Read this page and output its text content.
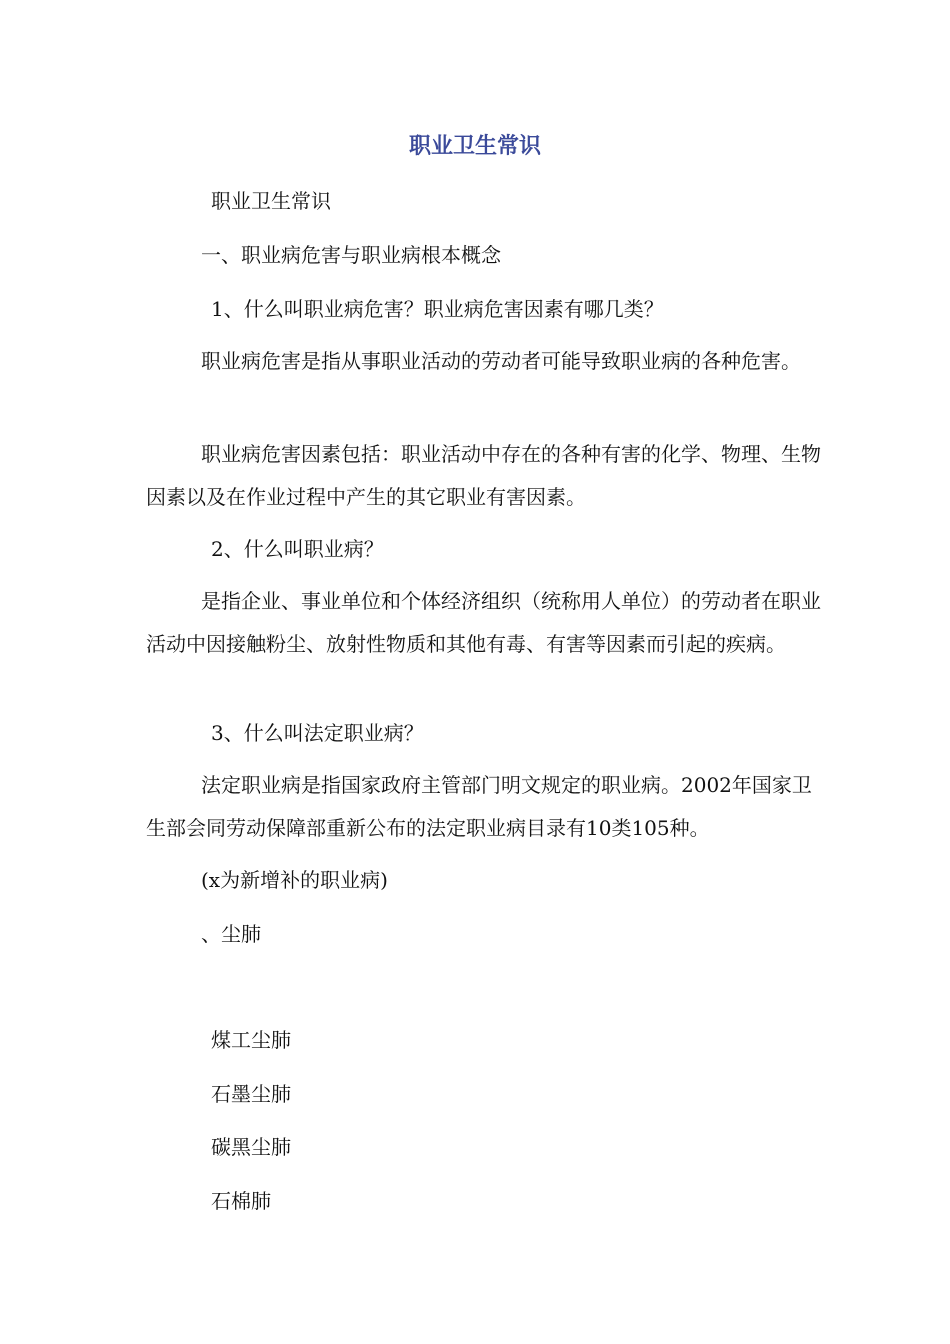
职业卫生常识

职业卫生常识

一、职业病危害与职业病根本概念

1、什么叫职业病危害？职业病危害因素有哪几类？

职业病危害是指从事职业活动的劳动者可能导致职业病的各种危害。

职业病危害因素包括：职业活动中存在的各种有害的化学、物理、生物因素以及在作业过程中产生的其它职业有害因素。

2、什么叫职业病？

是指企业、事业单位和个体经济组织（统称用人单位）的劳动者在职业活动中因接触粉尘、放射性物质和其他有毒、有害等因素而引起的疾病。

3、什么叫法定职业病？

法定职业病是指国家政府主管部门明文规定的职业病。2002年国家卫生部会同劳动保障部重新公布的法定职业病目录有10类105种。

(x为新增补的职业病)

、尘肺

煤工尘肺

石墨尘肺

碳黑尘肺

石棉肺
